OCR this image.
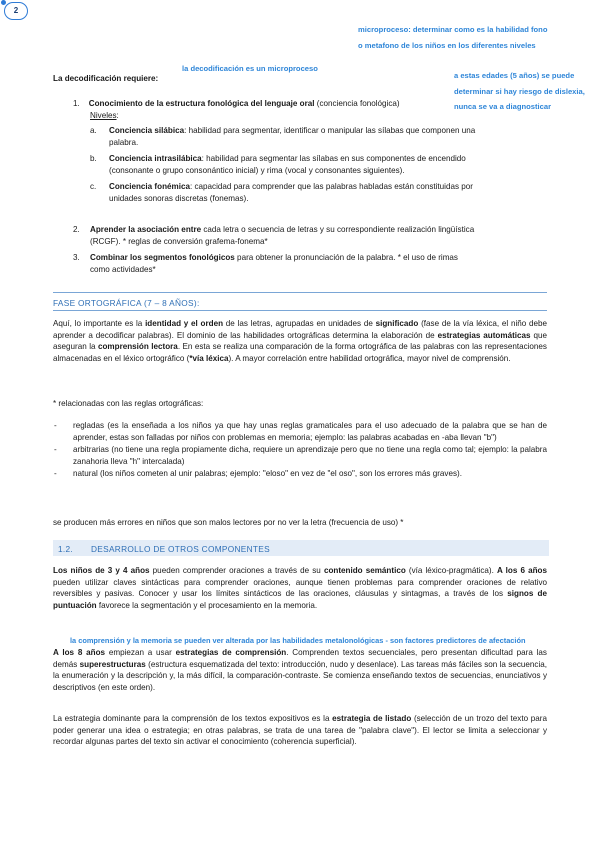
2
microproceso: determinar como es la habilidad fono
o metafono de los niños en los diferentes niveles
la decodificación es un microproceso
a estas edades (5 años) se puede
determinar si hay riesgo de dislexia,
nunca se va a diagnosticar
La decodificación requiere:
1. Conocimiento de la estructura fonológica del lenguaje oral (conciencia fonológica)
Niveles:
a.	Conciencia silábica: habilidad para segmentar, identificar o manipular las sílabas que componen una
palabra.
b.	Conciencia intrasilábica: habilidad para segmentar las sílabas en sus componentes de encendido
(consonante o grupo consonántico inicial) y rima (vocal y consonantes siguientes).
c.	Conciencia fonémica: capacidad para comprender que las palabras habladas están constituidas por
unidades sonoras discretas (fonemas).
2.	Aprender la asociación entre cada letra o secuencia de letras y su correspondiente realización lingüística
(RCGF). * reglas de conversión grafema-fonema*
3.	Combinar los segmentos fonológicos para obtener la pronunciación de la palabra. * el uso de rimas
como actividades*
FASE ORTOGRÁFICA (7 – 8 AÑOS):
Aquí, lo importante es la identidad y el orden de las letras, agrupadas en unidades de significado (fase de la vía léxica, el niño debe aprender a decodificar palabras). El dominio de las habilidades ortográficas determina la elaboración de estrategias automáticas que aseguran la comprensión lectora. En esta se realiza una comparación de la forma ortográfica de las palabras con las representaciones almacenadas en el léxico ortográfico (*vía léxica). A mayor correlación entre habilidad ortográfica, mayor nivel de comprensión.
* relacionadas con las reglas ortográficas:
- regladas (es la enseñada a los niños ya que hay unas reglas gramaticales para el uso adecuado de la palabra que se han de aprender, estas son falladas por niños con problemas en memoria; ejemplo: las palabras acabadas en -aba llevan "b")
- arbitrarias (no tiene una regla propiamente dicha, requiere un aprendizaje pero que no tiene una regla como tal; ejemplo: la palabra zanahoria lleva "h" intercalada)
- natural (los niños cometen al unir palabras; ejemplo: "eloso" en vez de "el oso", son los errores más graves).
se producen más errores en niños que son malos lectores por no ver la letra (frecuencia de uso) *
1.2. DESARROLLO DE OTROS COMPONENTES
Los niños de 3 y 4 años pueden comprender oraciones a través de su contenido semántico (vía léxico-pragmática). A los 6 años pueden utilizar claves sintácticas para comprender oraciones, aunque tienen problemas para comprender oraciones de relativo reversibles y pasivas. Conocer y usar los límites sintácticos de las oraciones, cláusulas y sintagmas, a través de los signos de puntuación favorece la segmentación y el procesamiento en la memoria.
la comprensión y la memoria se pueden ver alterada por las habilidades metalonológicas - son factores predictores de afectación
A los 8 años empiezan a usar estrategias de comprensión. Comprenden textos secuenciales, pero presentan dificultad para las demás superestructuras (estructura esquematizada del texto: introducción, nudo y desenlace). Las tareas más fáciles son la secuencia, la enumeración y la descripción y, la más difícil, la comparación-contraste. Se comienza enseñando textos de secuencias, enunciativos y descriptivos (en este orden).
La estrategia dominante para la comprensión de los textos expositivos es la estrategia de listado (selección de un trozo del texto para poder generar una idea o estrategia; en otras palabras, se trata de una tarea de "palabra clave"). El lector se limita a seleccionar y recordar algunas partes del texto sin activar el conocimiento (coherencia superficial).
